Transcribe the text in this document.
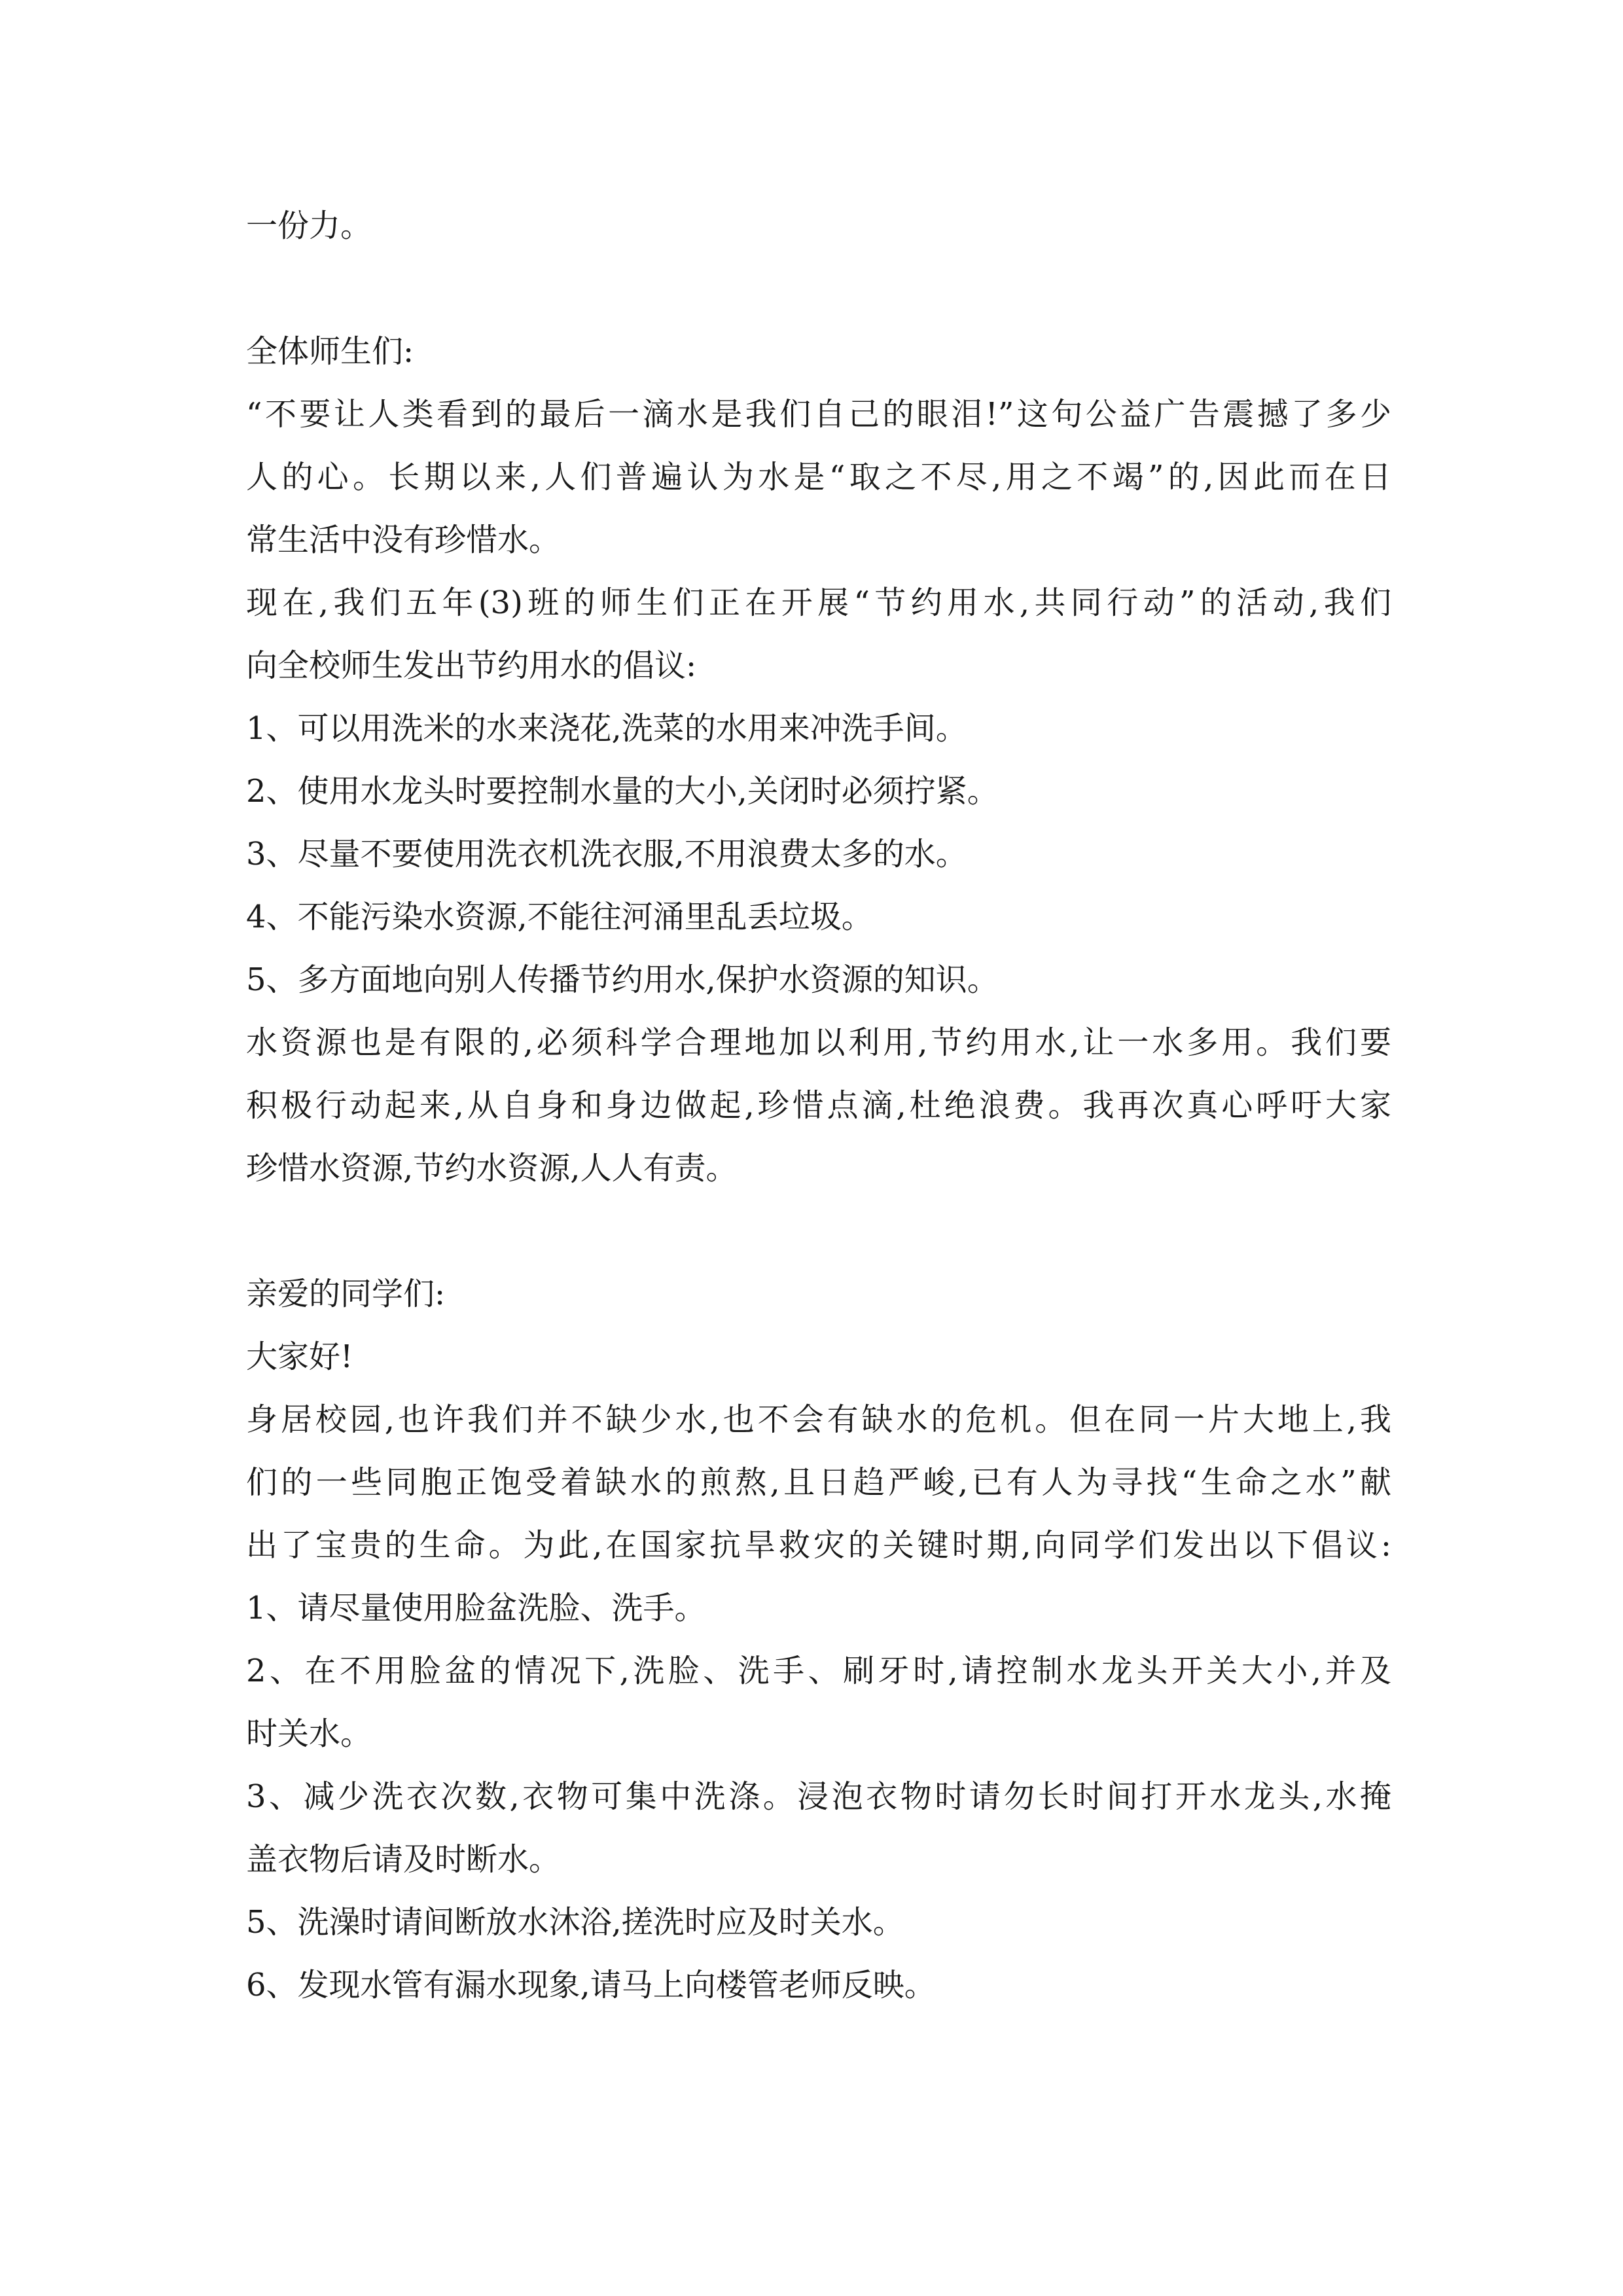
一份力。
全体师生们:
“不要让人类看到的最后一滴水是我们自己的眼泪!”这句公益广告震撼了多少
人的心。长期以来,人们普遍认为水是“取之不尽,用之不竭”的,因此而在日
常生活中没有珍惜水。
现在,我们五年(3)班的师生们正在开展“节约用水,共同行动”的活动,我们
向全校师生发出节约用水的倡议:
1、可以用洗米的水来浇花,洗菜的水用来冲洗手间。
2、使用水龙头时要控制水量的大小,关闭时必须拧紧。
3、尽量不要使用洗衣机洗衣服,不用浪费太多的水。
4、不能污染水资源,不能往河涌里乱丢垃圾。
5、多方面地向别人传播节约用水,保护水资源的知识。
水资源也是有限的,必须科学合理地加以利用,节约用水,让一水多用。我们要
积极行动起来,从自身和身边做起,珍惜点滴,杜绝浪费。我再次真心呼吁大家
珍惜水资源,节约水资源,人人有责。
亲爱的同学们:
大家好!
身居校园,也许我们并不缺少水,也不会有缺水的危机。但在同一片大地上,我
们的一些同胞正饱受着缺水的煎熬,且日趋严峻,已有人为寻找“生命之水”献
出了宝贵的生命。为此,在国家抗旱救灾的关键时期,向同学们发出以下倡议:
1、请尽量使用脸盆洗脸、洗手。
2、在不用脸盆的情况下,洗脸、洗手、刷牙时,请控制水龙头开关大小,并及
时关水。
3、减少洗衣次数,衣物可集中洗涤。浸泡衣物时请勿长时间打开水龙头,水掩
盖衣物后请及时断水。
5、洗澡时请间断放水沐浴,搓洗时应及时关水。
6、发现水管有漏水现象,请马上向楼管老师反映。
